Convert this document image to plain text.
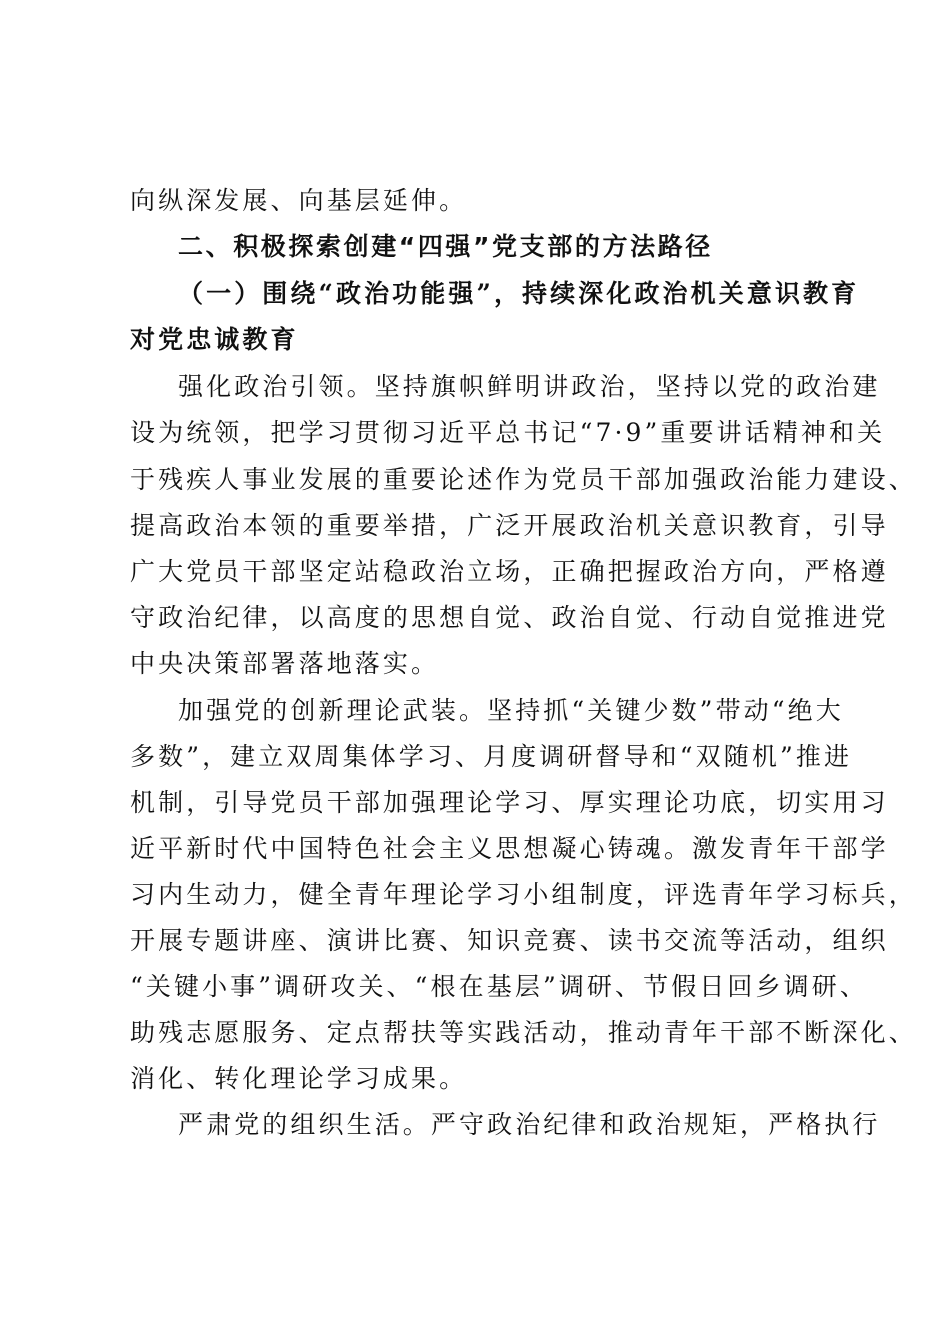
向纵深发展、向基层延伸。
二、积极探索创建“四强”党支部的方法路径
（一）围绕“政治功能强”，持续深化政治机关意识教育
对党忠诚教育
强化政治引领。坚持旗帜鲜明讲政治，坚持以党的政治建
设为统领，把学习贯彻习近平总书记“7·9”重要讲话精神和关
于残疾人事业发展的重要论述作为党员干部加强政治能力建设、
提高政治本领的重要举措，广泛开展政治机关意识教育，引导
广大党员干部坚定站稳政治立场，正确把握政治方向，严格遵
守政治纪律，以高度的思想自觉、政治自觉、行动自觉推进党
中央决策部署落地落实。
加强党的创新理论武装。坚持抓“关键少数”带动“绝大
多数”，建立双周集体学习、月度调研督导和“双随机”推进
机制，引导党员干部加强理论学习、厚实理论功底，切实用习
近平新时代中国特色社会主义思想凝心铸魂。激发青年干部学
习内生动力，健全青年理论学习小组制度，评选青年学习标兵，
开展专题讲座、演讲比赛、知识竞赛、读书交流等活动，组织
“关键小事”调研攻关、“根在基层”调研、节假日回乡调研、
助残志愿服务、定点帮扶等实践活动，推动青年干部不断深化、
消化、转化理论学习成果。
严肃党的组织生活。严守政治纪律和政治规矩，严格执行
